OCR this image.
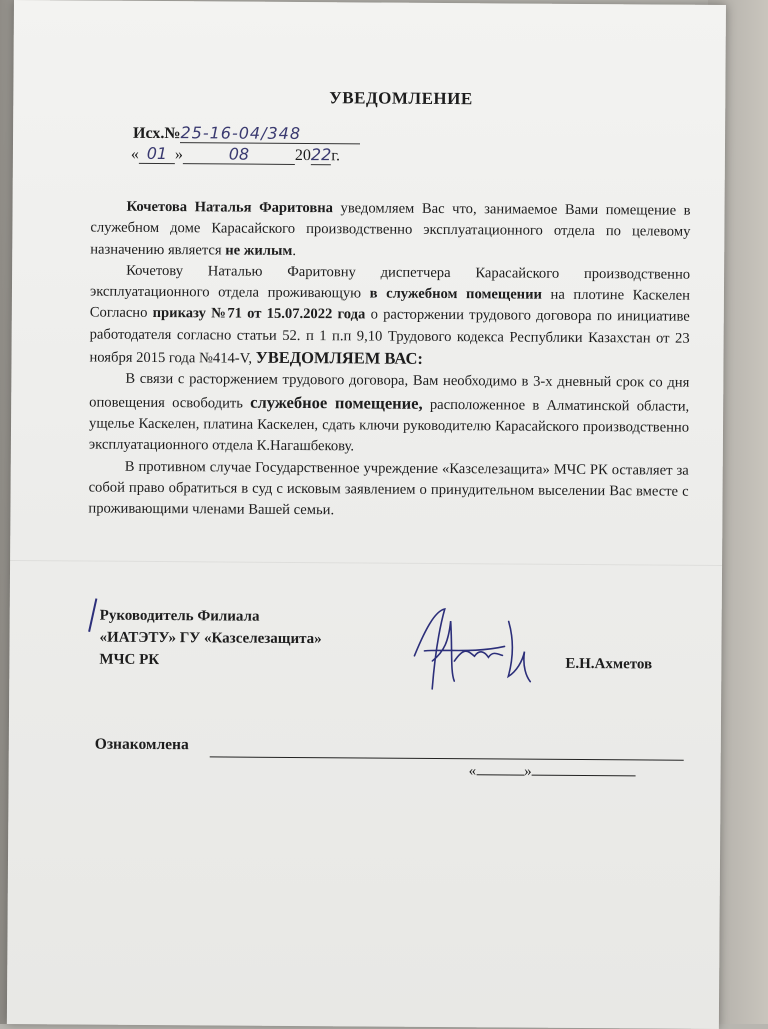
УВЕДОМЛЕНИЕ
Исх.№25-16-04/348
« 01 »	08	2022г.

Кочетова Наталья Фаритовна уведомляем Вас что, занимаемое Вами помещение в служебном доме Карасайского производственно эксплуатационного отдела по целевому назначению является не жилым.

Кочетову Наталью Фаритовну диспетчера Карасайского производственно эксплуатационного отдела проживающую в служебном помещении на плотине Каскелен Согласно приказу №71 от 15.07.2022 года о расторжении трудового договора по инициативе работодателя согласно статьи 52. п 1 п.п 9,10 Трудового кодекса Республики Казахстан от 23 ноября 2015 года №414-V, УВЕДОМЛЯЕМ ВАС:

В связи с расторжением трудового договора, Вам необходимо в 3-х дневный срок со дня оповещения освободить служебное помещение, расположенное в Алматинской области, ущелье Каскелен, платина Каскелен, сдать ключи руководителю Карасайского производственно эксплуатационного отдела К.Нагашбекову.

В противном случае Государственное учреждение «Казселезащита» МЧС РК оставляет за собой право обратиться в суд с исковым заявлением о принудительном выселении Вас вместе с проживающими членами Вашей семьи.

Руководитель Филиала
«ИАТЭТУ» ГУ «Казселезащита»
МЧС РК	Е.Н.Ахметов
Ознакомлена
«	»
